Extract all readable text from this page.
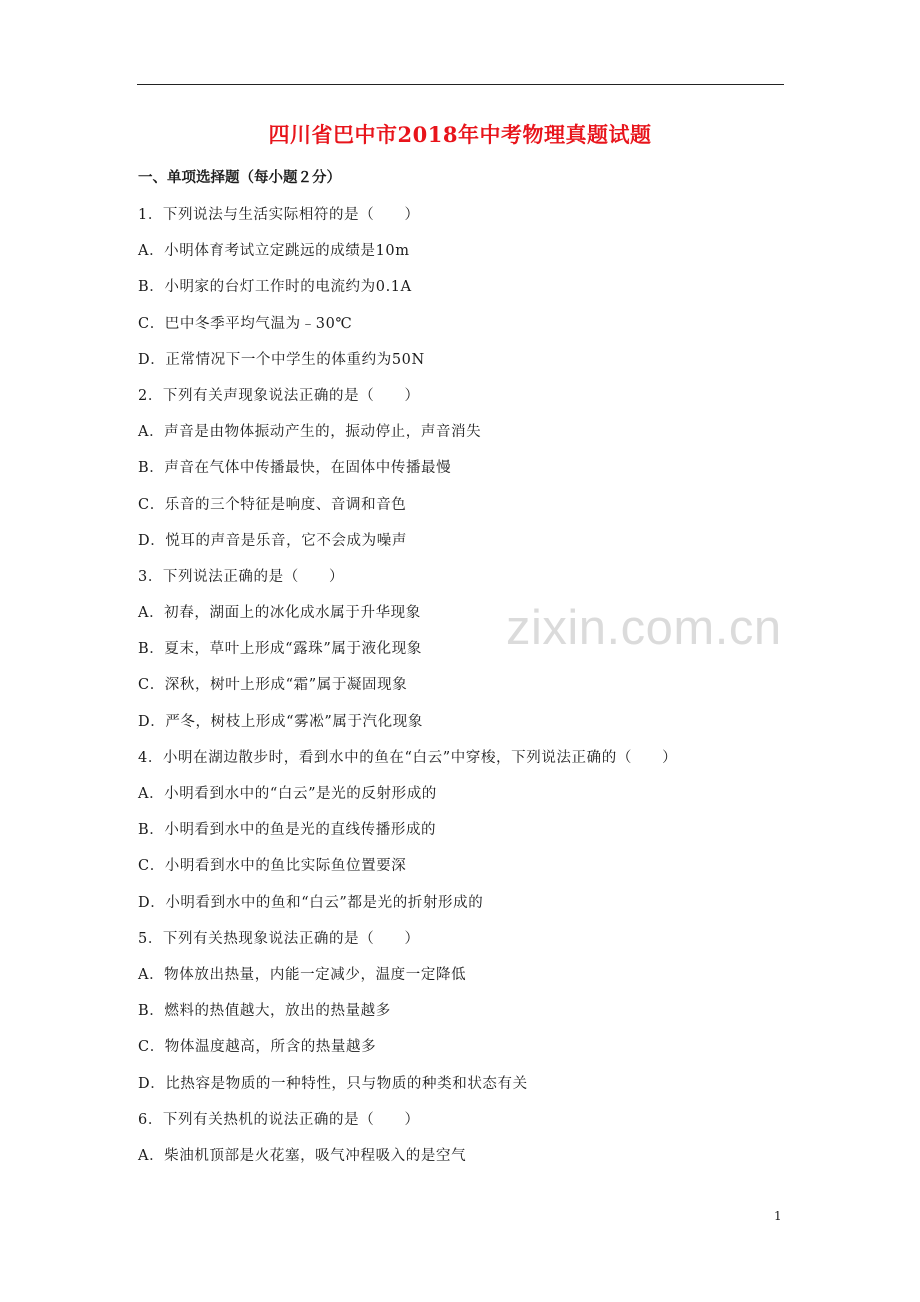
四川省巴中市2018年中考物理真题试题
一、单项选择题（每小题２分）
1．下列说法与生活实际相符的是（　　）
A．小明体育考试立定跳远的成绩是10m
B．小明家的台灯工作时的电流约为0.1A
C．巴中冬季平均气温为﹣30℃
D．正常情况下一个中学生的体重约为50N
2．下列有关声现象说法正确的是（　　）
A．声音是由物体振动产生的，振动停止，声音消失
B．声音在气体中传播最快，在固体中传播最慢
C．乐音的三个特征是响度、音调和音色
D．悦耳的声音是乐音，它不会成为噪声
3．下列说法正确的是（　　）
A．初春，湖面上的冰化成水属于升华现象
B．夏末，草叶上形成“露珠”属于液化现象
C．深秋，树叶上形成“霜”属于凝固现象
D．严冬，树枝上形成“雾凇”属于汽化现象
4．小明在湖边散步时，看到水中的鱼在“白云”中穿梭，下列说法正确的（　　）
A．小明看到水中的“白云”是光的反射形成的
B．小明看到水中的鱼是光的直线传播形成的
C．小明看到水中的鱼比实际鱼位置要深
D．小明看到水中的鱼和“白云”都是光的折射形成的
5．下列有关热现象说法正确的是（　　）
A．物体放出热量，内能一定减少，温度一定降低
B．燃料的热值越大，放出的热量越多
C．物体温度越高，所含的热量越多
D．比热容是物质的一种特性，只与物质的种类和状态有关
6．下列有关热机的说法正确的是（　　）
A．柴油机顶部是火花塞，吸气冲程吸入的是空气
zixin.com.cn
1
